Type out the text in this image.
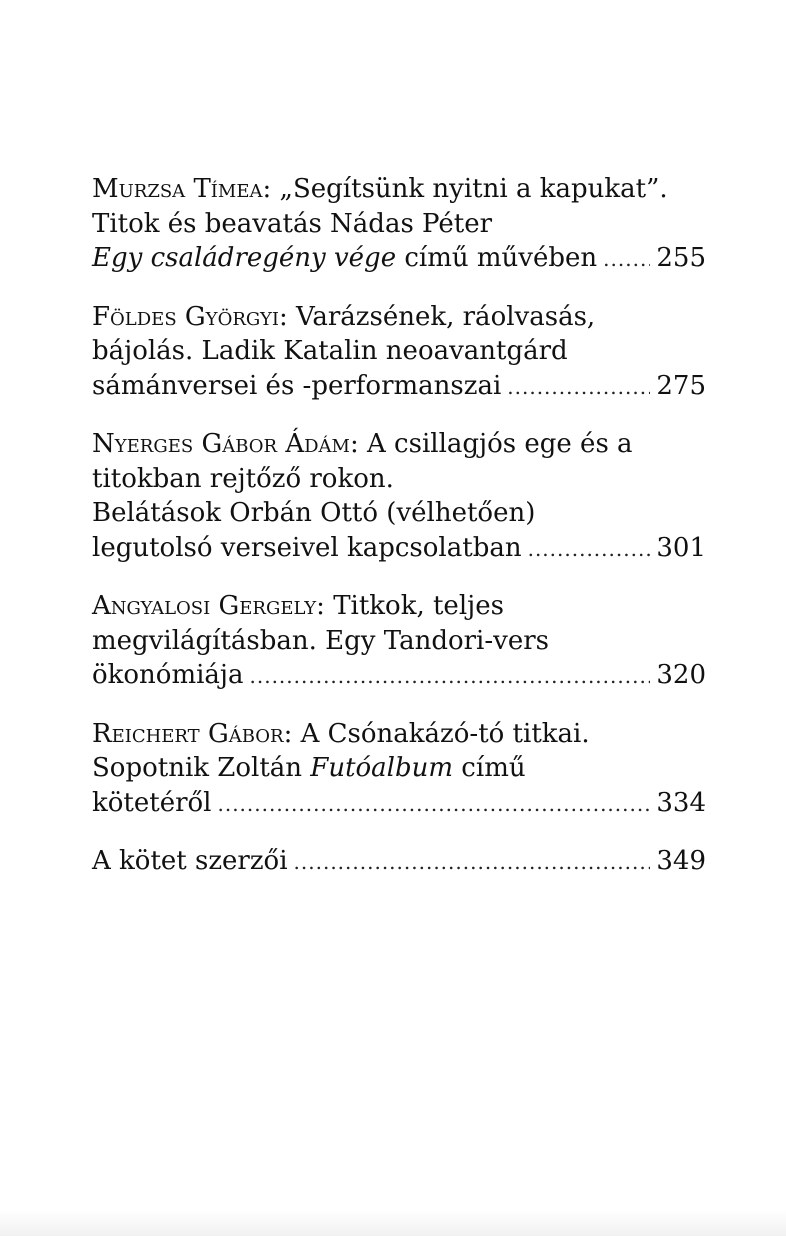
Murzsa Tímea: „Segítsünk nyitni a kapukat”.
Titok és beavatás Nádas Péter
Egy családregény vége című művében ..... 255
Földes Györgyi: Varázsének, ráolvasás,
bájolás. Ladik Katalin neoavantgárd
sámánversei és -performanszai .....	275
Nyerges Gábor Ádám: A csillagjós ege és a
titokban rejtőző rokon.
Belátások Orbán Ottó (vélhetően)
legutolsó verseivel kapcsolatban .....	301
Angyalosi Gergely: Titkok, teljes
megvilágításban. Egy Tandori-vers
ökonómiája .....	320
Reichert Gábor: A Csónakázó-tó titkai.
Sopotnik Zoltán Futóalbum című
kötetéről .....	334
A kötet szerzői .....	349
